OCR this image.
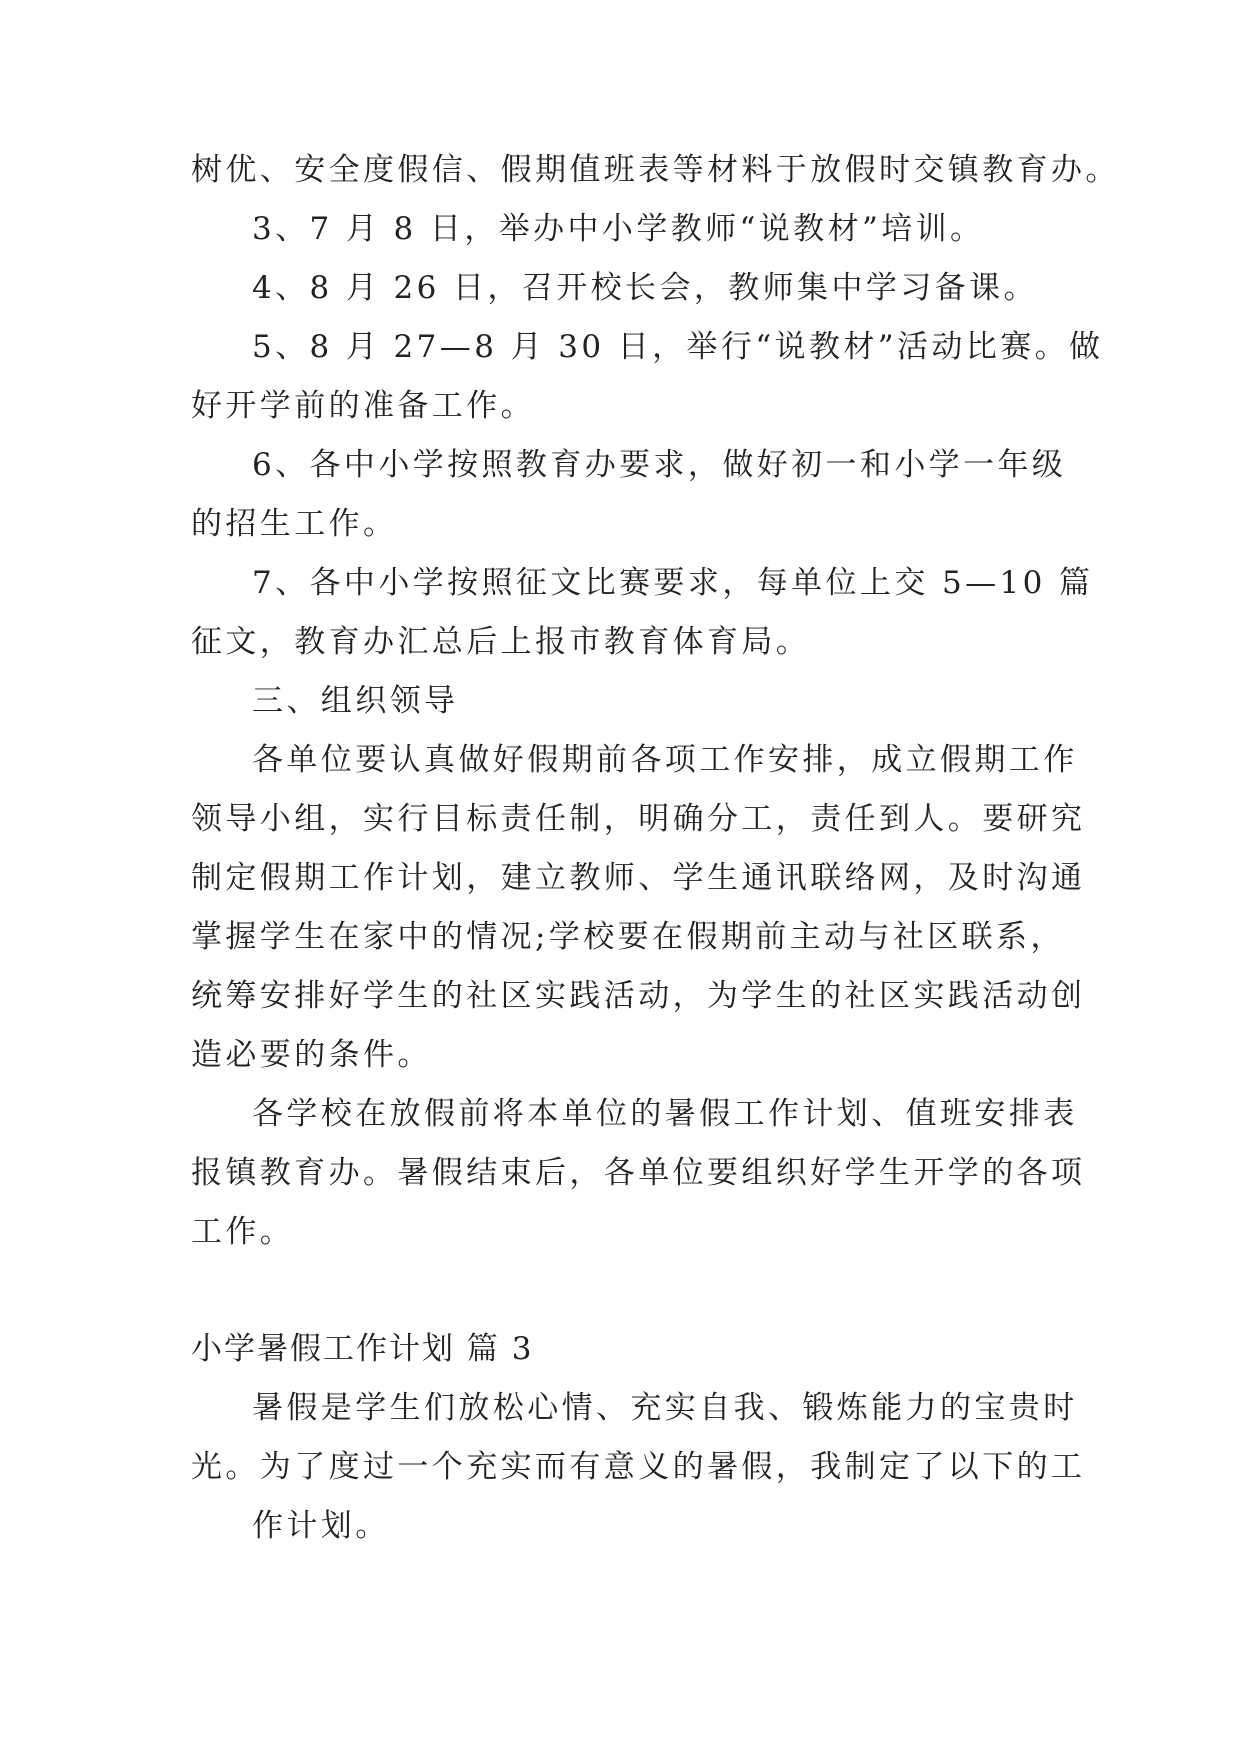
树优、安全度假信、假期值班表等材料于放假时交镇教育办。
3、7 月 8 日，举办中小学教师“说教材”培训。
4、8 月 26 日，召开校长会，教师集中学习备课。
5、8 月 27—8 月 30 日，举行“说教材”活动比赛。做
好开学前的准备工作。
6、各中小学按照教育办要求，做好初一和小学一年级
的招生工作。
7、各中小学按照征文比赛要求，每单位上交 5—10 篇
征文，教育办汇总后上报市教育体育局。
三、组织领导
各单位要认真做好假期前各项工作安排，成立假期工作
领导小组，实行目标责任制，明确分工，责任到人。要研究
制定假期工作计划，建立教师、学生通讯联络网，及时沟通
掌握学生在家中的情况;学校要在假期前主动与社区联系，
统筹安排好学生的社区实践活动，为学生的社区实践活动创
造必要的条件。
各学校在放假前将本单位的暑假工作计划、值班安排表
报镇教育办。暑假结束后，各单位要组织好学生开学的各项
工作。
小学暑假工作计划 篇 3
暑假是学生们放松心情、充实自我、锻炼能力的宝贵时
光。为了度过一个充实而有意义的暑假，我制定了以下的工
作计划。
